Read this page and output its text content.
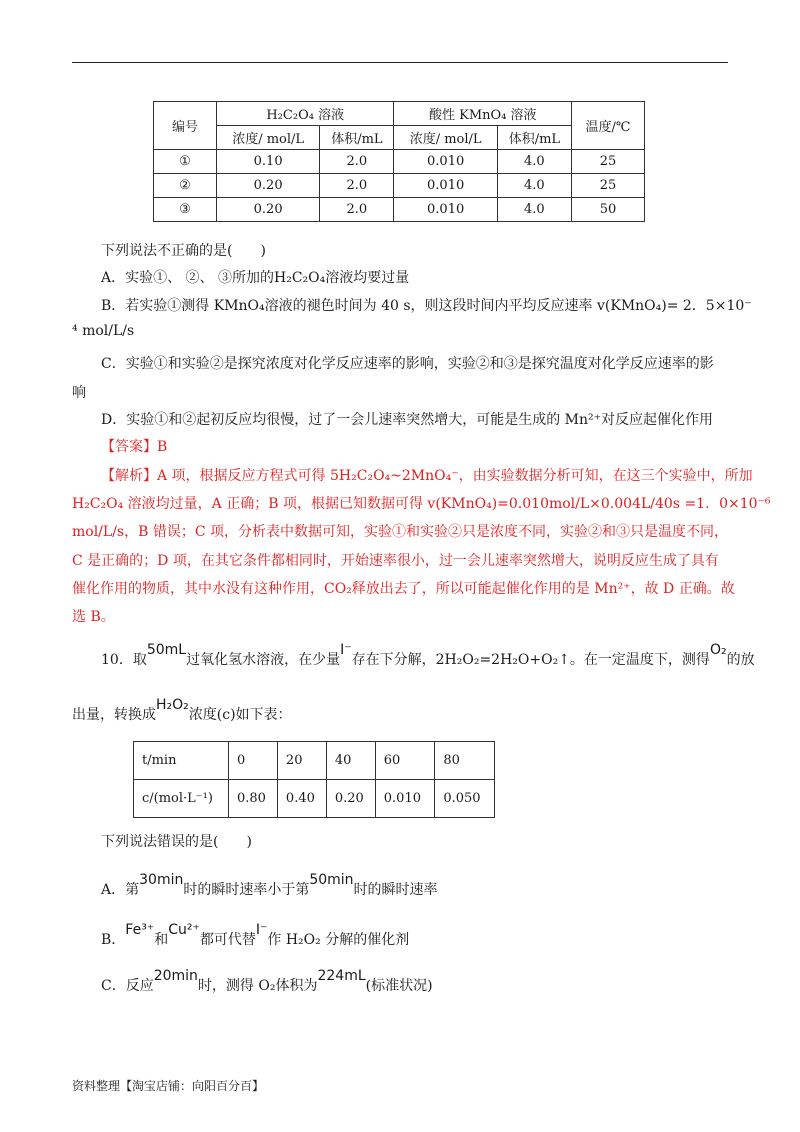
编号	H₂C₂O₄ 溶液		酸性 KMnO₄ 溶液		温度/℃
	浓度/ mol/L	体积/mL	浓度/ mol/L	体积/mL	
①	0.10	2.0	0.010	4.0	25
②	0.20	2.0	0.010	4.0	25
③	0.20	2.0	0.010	4.0	50
下列说法不正确的是(　　)
A．实验①、 ②、 ③所加的H₂C₂O₄溶液均要过量
B．若实验①测得 KMnO₄溶液的褪色时间为 40 s，则这段时间内平均反应速率 v(KMnO₄)= 2．5×10⁻
⁴ mol/L/s
C．实验①和实验②是探究浓度对化学反应速率的影响，实验②和③是探究温度对化学反应速率的影
响
D．实验①和②起初反应均很慢，过了一会儿速率突然增大，可能是生成的 Mn²⁺对反应起催化作用
【答案】B
【解析】A 项，根据反应方程式可得 5H₂C₂O₄~2MnO₄⁻，由实验数据分析可知，在这三个实验中，所加
H₂C₂O₄ 溶液均过量，A 正确；B 项，根据已知数据可得 v(KMnO₄)=0.010mol/L×0.004L/40s =1．0×10⁻⁶
mol/L/s，B 错误；C 项，分析表中数据可知，实验①和实验②只是浓度不同，实验②和③只是温度不同，
C 是正确的；D 项，在其它条件都相同时，开始速率很小，过一会儿速率突然增大，说明反应生成了具有
催化作用的物质，其中水没有这种作用，CO₂释放出去了，所以可能起催化作用的是 Mn²⁺，故 D 正确。故
选 B。
10．取50mL过氧化氢水溶液，在少量I⁻存在下分解，2H₂O₂=2H₂O+O₂↑。在一定温度下，测得O₂的放
出量，转换成H₂O₂浓度(c)如下表：
t/min	0	20	40	60	80
c/(mol·L⁻¹)	0.80	0.40	0.20	0.010	0.050
下列说法错误的是(　　)
A．第30min时的瞬时速率小于第50min时的瞬时速率
B．Fe³⁺和Cu²⁺都可代替I⁻作 H₂O₂ 分解的催化剂
C．反应20min时，测得 O₂体积为224mL(标准状况)
资料整理【淘宝店铺：向阳百分百】
